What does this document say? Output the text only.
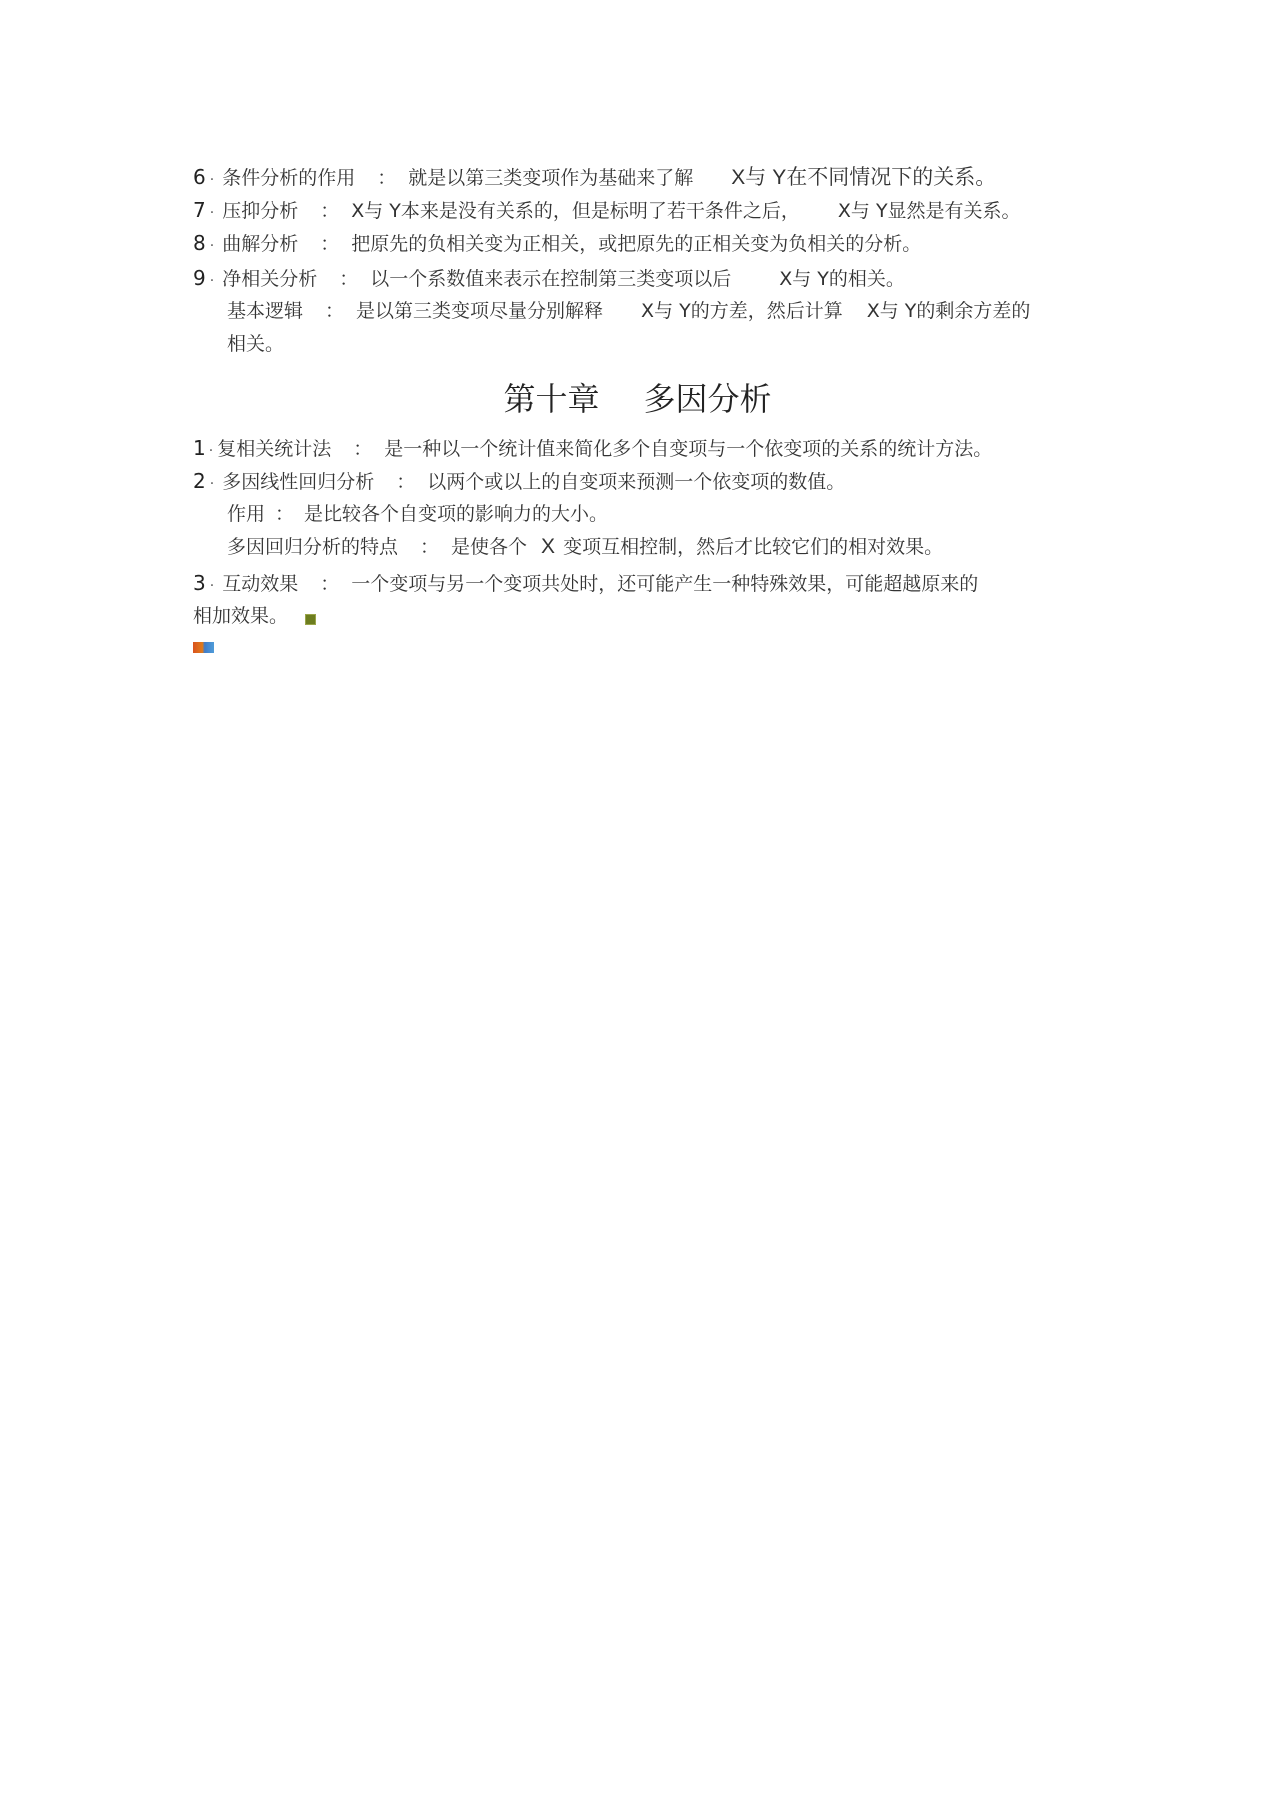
6 · 条件分析的作用 ： 就是以第三类变项作为基础来了解 X与 Y在不同情况下的关系。
7 · 压抑分析 ： X与 Y本来是没有关系的，但是标明了若干条件之后， X与 Y显然是有关系。
8 · 曲解分析 ： 把原先的负相关变为正相关，或把原先的正相关变为负相关的分析。
9 · 净相关分析 ： 以一个系数值来表示在控制第三类变项以后	X与 Y的相关。
基本逻辑 ： 是以第三类变项尽量分别解释 X与 Y的方差，然后计算 X与 Y的剩余方差的
相关。
第十章 多因分析
1 · 复相关统计法 ： 是一种以一个统计值来简化多个自变项与一个依变项的关系的统计方法。
2 · 多因线性回归分析 ： 以两个或以上的自变项来预测一个依变项的数值。
作用 ： 是比较各个自变项的影响力的大小。
多因回归分析的特点 ： 是使各个 X 变项互相控制，然后才比较它们的相对效果。
3 · 互动效果 ： 一个变项与另一个变项共处时，还可能产生一种特殊效果，可能超越原来的
相加效果。
